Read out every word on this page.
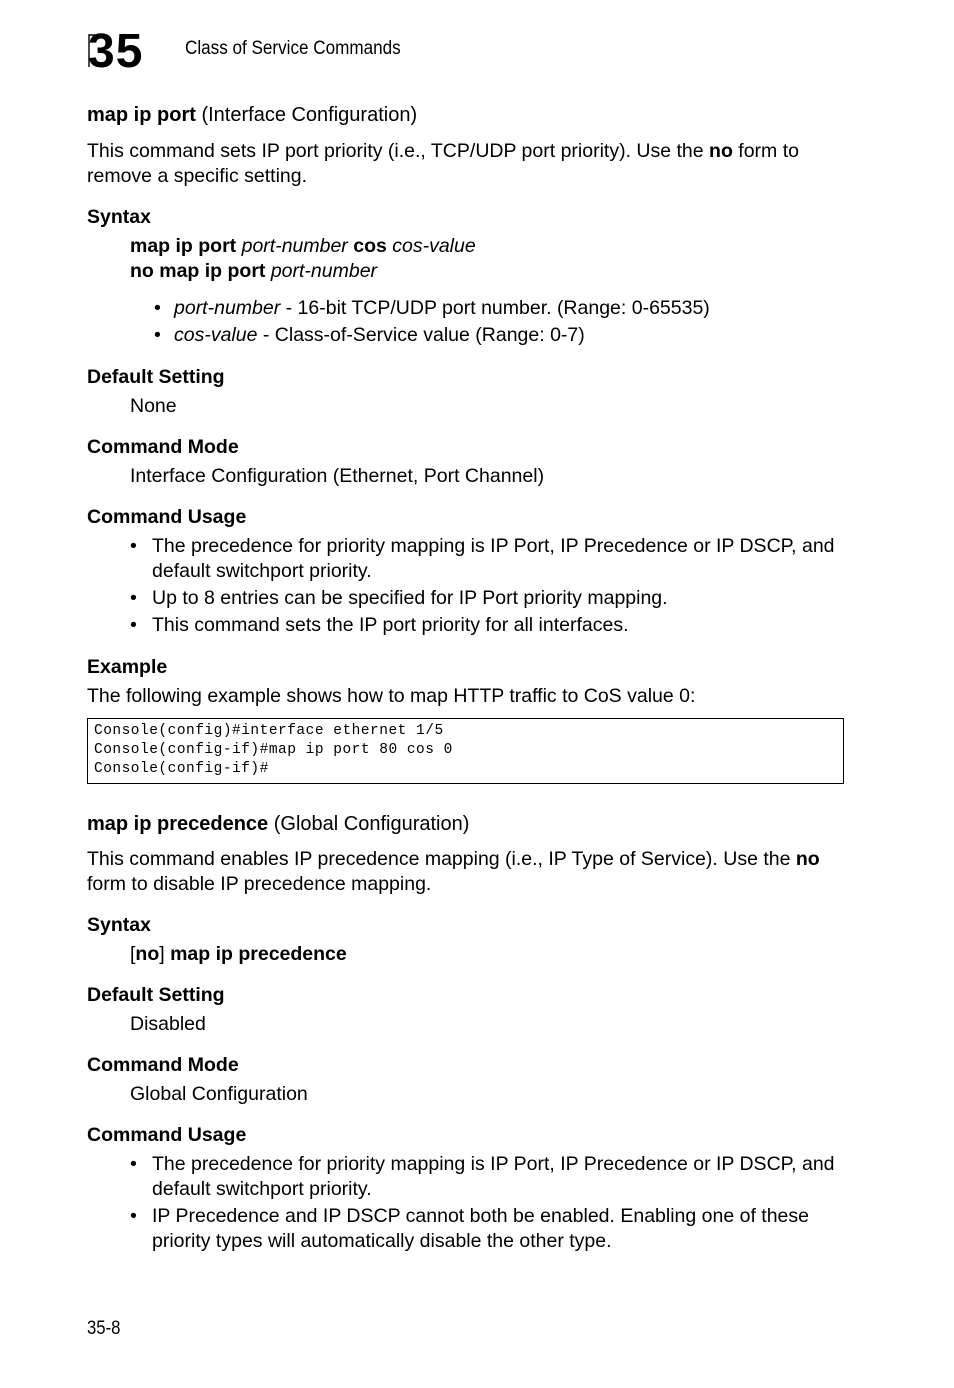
35 Class of Service Commands
map ip port (Interface Configuration)
This command sets IP port priority (i.e., TCP/UDP port priority). Use the no form to remove a specific setting.
Syntax
map ip port port-number cos cos-value
no map ip port port-number
• port-number - 16-bit TCP/UDP port number. (Range: 0-65535)
• cos-value - Class-of-Service value (Range: 0-7)
Default Setting
None
Command Mode
Interface Configuration (Ethernet, Port Channel)
Command Usage
• The precedence for priority mapping is IP Port, IP Precedence or IP DSCP, and default switchport priority.
• Up to 8 entries can be specified for IP Port priority mapping.
• This command sets the IP port priority for all interfaces.
Example
The following example shows how to map HTTP traffic to CoS value 0:
Console(config)#interface ethernet 1/5
Console(config-if)#map ip port 80 cos 0
Console(config-if)#
map ip precedence (Global Configuration)
This command enables IP precedence mapping (i.e., IP Type of Service). Use the no form to disable IP precedence mapping.
Syntax
[no] map ip precedence
Default Setting
Disabled
Command Mode
Global Configuration
Command Usage
• The precedence for priority mapping is IP Port, IP Precedence or IP DSCP, and default switchport priority.
• IP Precedence and IP DSCP cannot both be enabled. Enabling one of these priority types will automatically disable the other type.
35-8
